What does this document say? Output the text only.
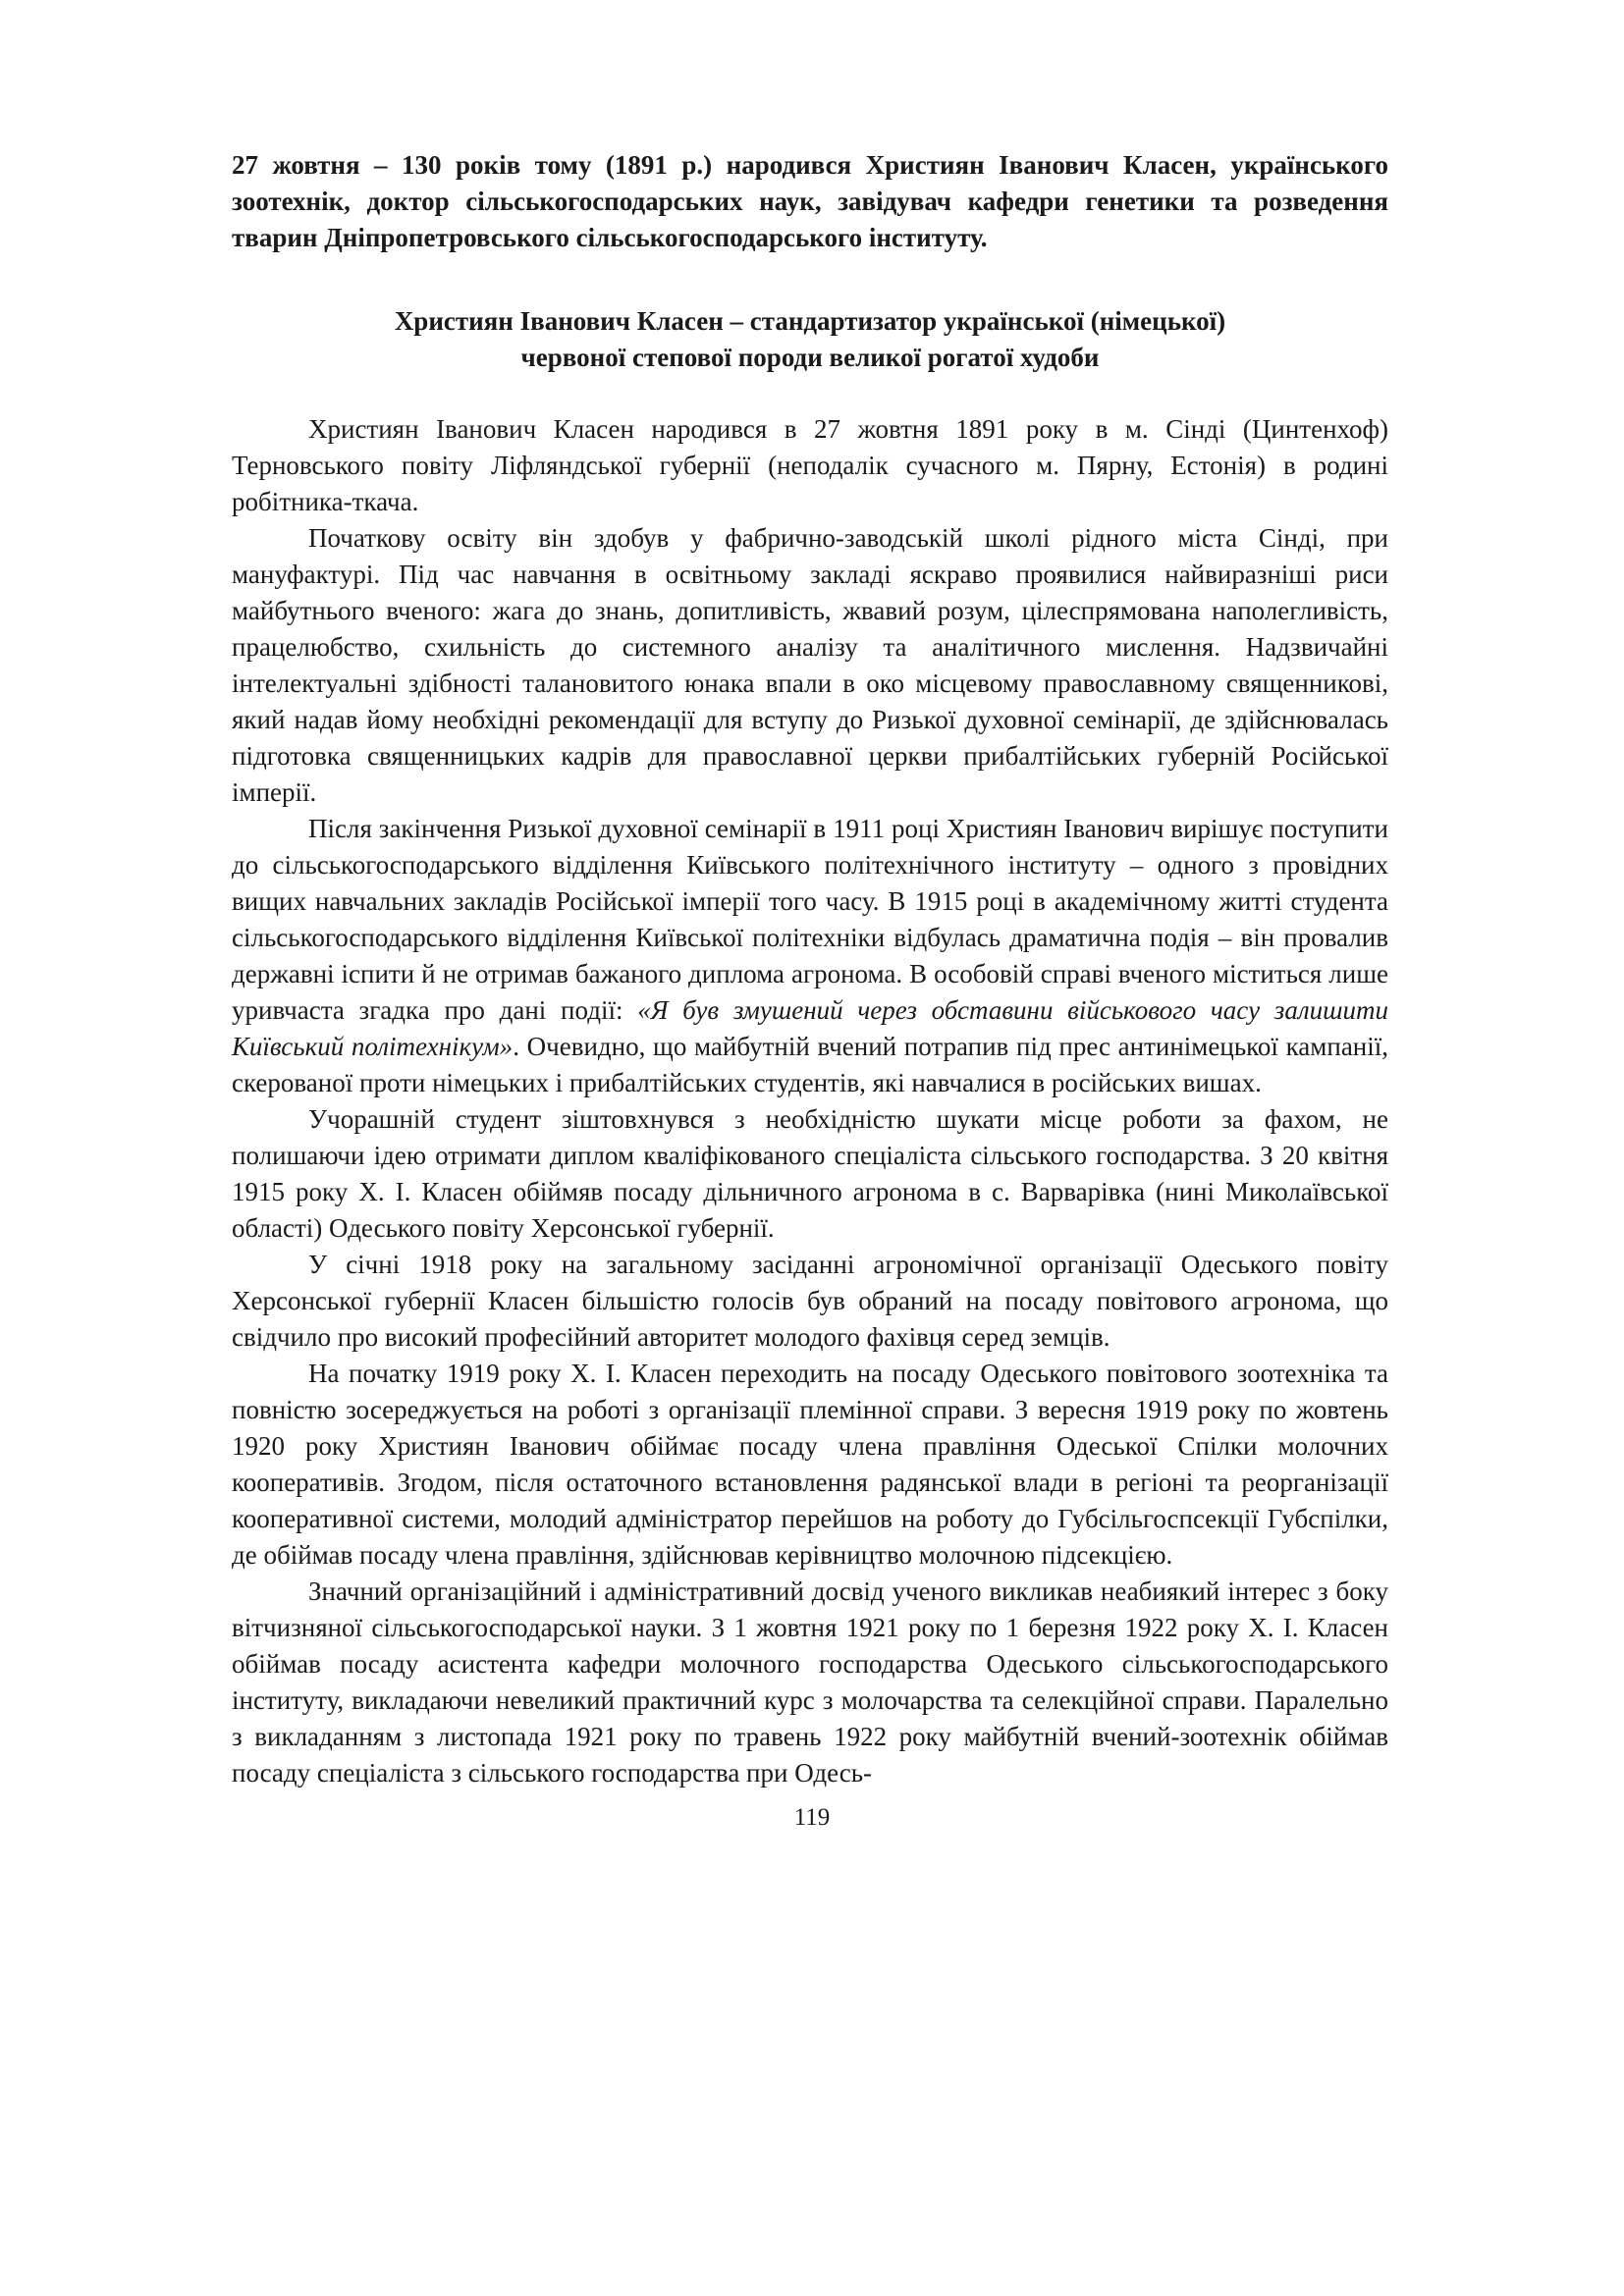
27 жовтня – 130 років тому (1891 р.) народився Християн Іванович Класен, українського зоотехнік, доктор сільськогосподарських наук, завідувач кафедри генетики та розведення тварин Дніпропетровського сільськогосподарського інституту.

Християн Іванович Класен – стандартизатор української (німецької)
червоної степової породи великої рогатої худоби

Християн Іванович Класен народився в 27 жовтня 1891 року в м. Сінді (Цинтенхоф) Терновського повіту Ліфляндської губернії (неподалік сучасного м. Пярну, Естонія) в родині робітника-ткача.

Початкову освіту він здобув у фабрично-заводській школі рідного міста Сінді, при мануфактурі. Під час навчання в освітньому закладі яскраво проявилися найвиразніші риси майбутнього вченого: жага до знань, допитливість, жвавий розум, цілеспрямована наполегливість, працелюбство, схильність до системного аналізу та аналітичного мислення. Надзвичайні інтелектуальні здібності талановитого юнака впали в око місцевому православному священникові, який надав йому необхідні рекомендації для вступу до Ризької духовної семінарії, де здійснювалась підготовка священницьких кадрів для православної церкви прибалтійських губерній Російської імперії.

Після закінчення Ризької духовної семінарії в 1911 році Християн Іванович вирішує поступити до сільськогосподарського відділення Київського політехнічного інституту – одного з провідних вищих навчальних закладів Російської імперії того часу. В 1915 році в академічному житті студента сільськогосподарського відділення Київської політехніки відбулась драматична подія – він провалив державні іспити й не отримав бажаного диплома агронома. В особовій справі вченого міститься лише уривчаста згадка про дані події: «Я був змушений через обставини військового часу залишити Київський політехнікум». Очевидно, що майбутній вчений потрапив під прес антинімецької кампанії, скерованої проти німецьких і прибалтійських студентів, які навчалися в російських вишах.

Учорашній студент зіштовхнувся з необхідністю шукати місце роботи за фахом, не полишаючи ідею отримати диплом кваліфікованого спеціаліста сільського господарства. З 20 квітня 1915 року Х. І. Класен обіймяв посаду дільничного агронома в с. Варварівка (нині Миколаївської області) Одеського повіту Херсонської губернії.

У січні 1918 року на загальному засіданні агрономічної організації Одеського повіту Херсонської губернії Класен більшістю голосів був обраний на посаду повітового агронома, що свідчило про високий професійний авторитет молодого фахівця серед земців.

На початку 1919 року Х. І. Класен переходить на посаду Одеського повітового зоотехніка та повністю зосереджується на роботі з організації племінної справи. З вересня 1919 року по жовтень 1920 року Християн Іванович обіймає посаду члена правління Одеської Спілки молочних кооперативів. Згодом, після остаточного встановлення радянської влади в регіоні та реорганізації кооперативної системи, молодий адміністратор перейшов на роботу до Губсільгоспсекції Губспілки, де обіймав посаду члена правління, здійснював керівництво молочною підсекцією.

Значний організаційний і адміністративний досвід ученого викликав неабиякий інтерес з боку вітчизняної сільськогосподарської науки. З 1 жовтня 1921 року по 1 березня 1922 року Х. І. Класен обіймав посаду асистента кафедри молочного господарства Одеського сільськогосподарського інституту, викладаючи невеликий практичний курс з молочарства та селекційної справи. Паралельно з викладанням з листопада 1921 року по травень 1922 року майбутній вчений-зоотехнік обіймав посаду спеціаліста з сільського господарства при Одесь-

119
